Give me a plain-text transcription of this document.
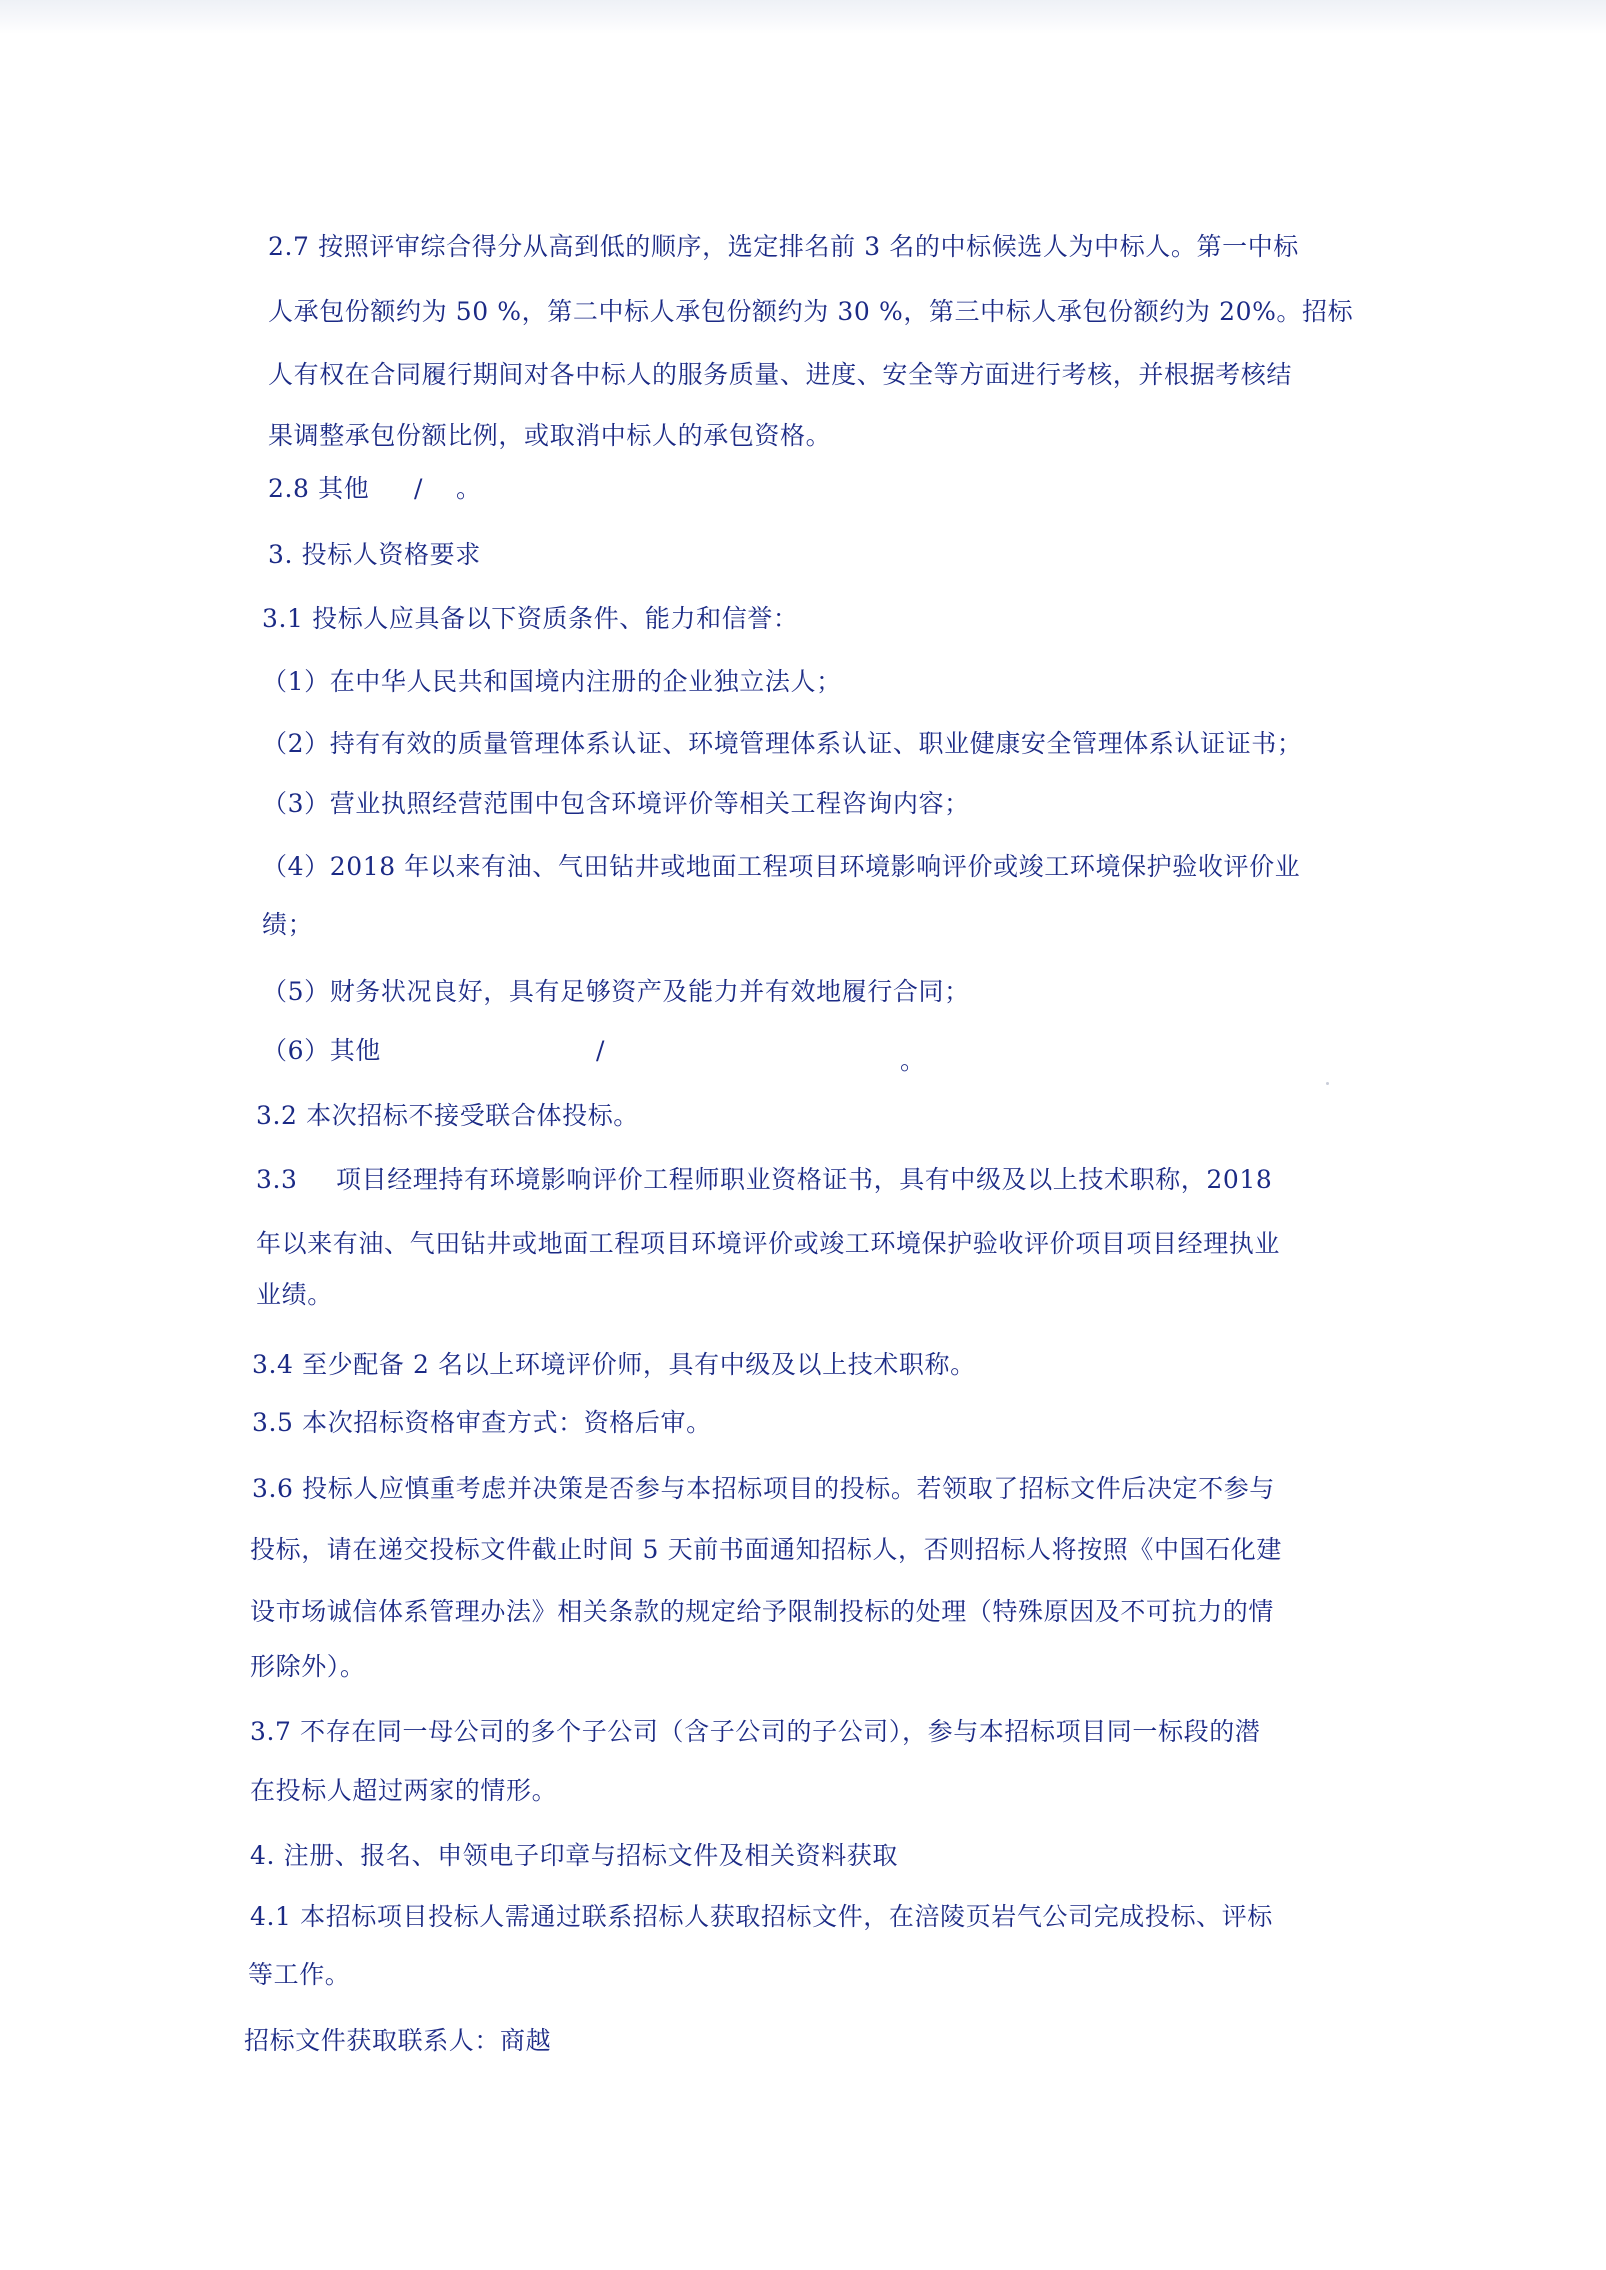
2.7 按照评审综合得分从高到低的顺序，选定排名前 3 名的中标候选人为中标人。第一中标

人承包份额约为 50 %，第二中标人承包份额约为 30 %，第三中标人承包份额约为 20%。招标

人有权在合同履行期间对各中标人的服务质量、进度、安全等方面进行考核，并根据考核结

果调整承包份额比例，或取消中标人的承包资格。

2.8 其他 / 。

3. 投标人资格要求

3.1 投标人应具备以下资质条件、能力和信誉：

（1）在中华人民共和国境内注册的企业独立法人；

（2）持有有效的质量管理体系认证、环境管理体系认证、职业健康安全管理体系认证证书；

（3）营业执照经营范围中包含环境评价等相关工程咨询内容；

（4）2018 年以来有油、气田钻井或地面工程项目环境影响评价或竣工环境保护验收评价业

绩；

（5）财务状况良好，具有足够资产及能力并有效地履行合同；

（6）其他	/	。

3.2 本次招标不接受联合体投标。

3.3 项目经理持有环境影响评价工程师职业资格证书，具有中级及以上技术职称，2018

年以来有油、气田钻井或地面工程项目环境评价或竣工环境保护验收评价项目项目经理执业

业绩。

3.4 至少配备 2 名以上环境评价师，具有中级及以上技术职称。

3.5 本次招标资格审查方式：资格后审。

3.6 投标人应慎重考虑并决策是否参与本招标项目的投标。若领取了招标文件后决定不参与

投标，请在递交投标文件截止时间 5 天前书面通知招标人，否则招标人将按照《中国石化建

设市场诚信体系管理办法》相关条款的规定给予限制投标的处理（特殊原因及不可抗力的情

形除外）。

3.7 不存在同一母公司的多个子公司（含子公司的子公司），参与本招标项目同一标段的潜

在投标人超过两家的情形。

4. 注册、报名、申领电子印章与招标文件及相关资料获取

4.1 本招标项目投标人需通过联系招标人获取招标文件，在涪陵页岩气公司完成投标、评标

等工作。

招标文件获取联系人：商越
